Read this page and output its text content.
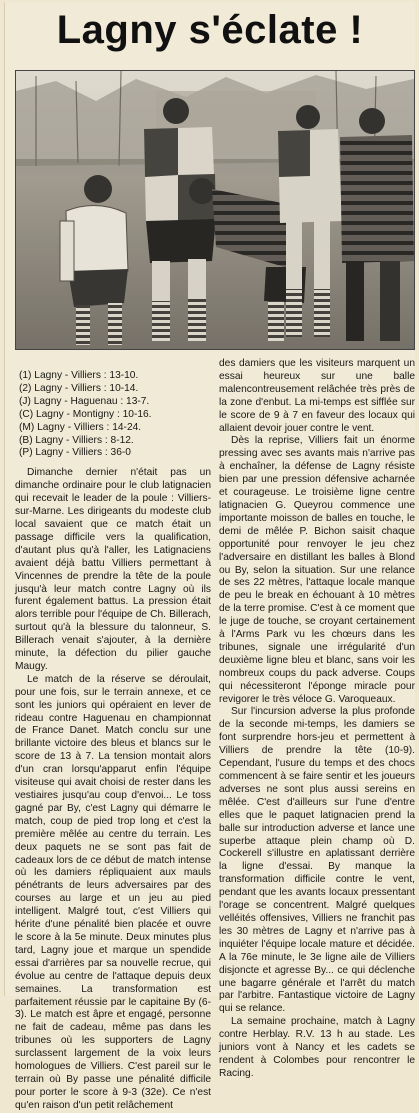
Lagny s'éclate !
(1) Lagny - Villiers : 13-10.
(2) Lagny - Villiers : 10-14.
(J) Lagny - Haguenau : 13-7.
(C) Lagny - Montigny : 10-16.
(M) Lagny - Villiers : 14-24.
(B) Lagny - Villiers : 8-12.
(P) Lagny - Villiers : 36-0

Dimanche dernier n'était pas un dimanche ordinaire pour le club latignacien qui recevait le leader de la poule : Villiers-sur-Marne. Les dirigeants du modeste club local savaient que ce match était un passage difficile vers la qualification, d'autant plus qu'à l'aller, les Latignaciens avaient déjà battu Villiers permettant à Vincennes de prendre la tête de la poule jusqu'à leur match contre Lagny où ils furent également battus. La pression était alors terrible pour l'équipe de Ch. Billerach, surtout qu'à la blessure du talonneur, S. Billerach venait s'ajouter, à la dernière minute, la défection du pilier gauche Maugy.

Le match de la réserve se déroulait, pour une fois, sur le terrain annexe, et ce sont les juniors qui opéraient en lever de rideau contre Haguenau en championnat de France Danet. Match conclu sur une brillante victoire des bleus et blancs sur le score de 13 à 7. La tension montait alors d'un cran lorsqu'apparut enfin l'équipe visiteuse qui avait choisi de rester dans les vestiaires jusqu'au coup d'envoi... Le toss gagné par By, c'est Lagny qui démarre le match, coup de pied trop long et c'est la première mêlée au centre du terrain. Les deux paquets ne se sont pas fait de cadeaux lors de ce début de match intense où les damiers répliquaient aux mauls pénétrants de leurs adversaires par des courses au large et un jeu au pied intelligent. Malgré tout, c'est Villiers qui hérite d'une pénalité bien placée et ouvre le score à la 5e minute. Deux minutes plus tard, Lagny joue et marque un spendide essai d'arrières par sa nouvelle recrue, qui évolue au centre de l'attaque depuis deux semaines. La transformation est parfaitement réussie par le capitaine By (6-3). Le match est âpre et engagé, personne ne fait de cadeau, même pas dans les tribunes où les supporters de Lagny surclassent largement de la voix leurs homologues de Villiers. C'est pareil sur le terrain où By passe une pénalité difficile pour porter le score à 9-3 (32e). Ce n'est qu'en raison d'un petit relâchement

des damiers que les visiteurs marquent un essai heureux sur une balle malencontreusement relâchée très près de la zone d'enbut. La mi-temps est sifflée sur le score de 9 à 7 en faveur des locaux qui allaient devoir jouer contre le vent.

Dès la reprise, Villiers fait un énorme pressing avec ses avants mais n'arrive pas à enchaîner, la défense de Lagny résiste bien par une pression défensive acharnée et courageuse. Le troisième ligne centre latignacien G. Queyrou commence une importante moisson de balles en touche, le demi de mêlée P. Bichon saisit chaque opportunité pour renvoyer le jeu chez l'adversaire en distillant les balles à Blond ou By, selon la situation. Sur une relance de ses 22 mètres, l'attaque locale manque de peu le break en échouant à 10 mètres de la terre promise. C'est à ce moment que le juge de touche, se croyant certainement à l'Arms Park vu les chœurs dans les tribunes, signale une irrégularité d'un deuxième ligne bleu et blanc, sans voir les nombreux coups du pack adverse. Coups qui nécessiteront l'éponge miracle pour revigorer le très véloce G. Varoqueaux.

Sur l'incursion adverse la plus profonde de la seconde mi-temps, les damiers se font surprendre hors-jeu et permettent à Villiers de prendre la tête (10-9). Cependant, l'usure du temps et des chocs commencent à se faire sentir et les joueurs adverses ne sont plus aussi sereins en mêlée. C'est d'ailleurs sur l'une d'entre elles que le paquet latignacien prend la balle sur introduction adverse et lance une superbe attaque plein champ où D. Cockerell s'illustre en aplatissant derrière la ligne d'essai. By manque la transformation difficile contre le vent, pendant que les avants locaux pressentant l'orage se concentrent. Malgré quelques velléités offensives, Villiers ne franchit pas les 30 mètres de Lagny et n'arrive pas à inquiéter l'équipe locale mature et décidée. A la 76e minute, le 3e ligne aile de Villiers disjoncte et agresse By... ce qui déclenche une bagarre générale et l'arrêt du match par l'arbitre. Fantastique victoire de Lagny qui se relance.

La semaine prochaine, match à Lagny contre Herblay. R.V. 13 h au stade. Les juniors vont à Nancy et les cadets se rendent à Colombes pour rencontrer le Racing.
